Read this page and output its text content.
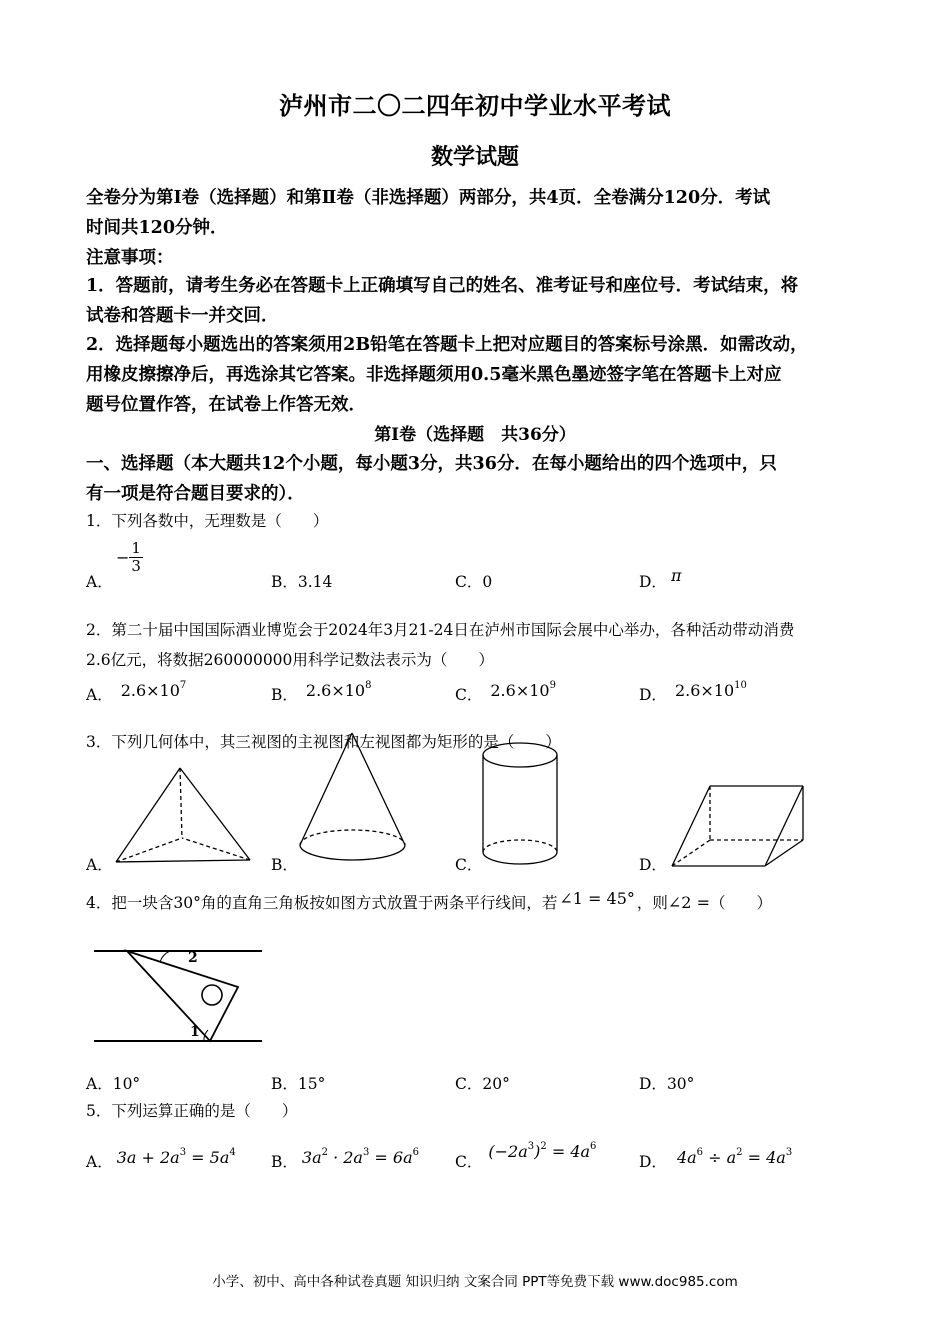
泸州市二〇二四年初中学业水平考试
数学试题
全卷分为第Ⅰ卷（选择题）和第Ⅱ卷（非选择题）两部分，共4页．全卷满分120分．考试
时间共120分钟．
注意事项：
1．答题前，请考生务必在答题卡上正确填写自己的姓名、准考证号和座位号．考试结束，将
试卷和答题卡一并交回．
2．选择题每小题选出的答案须用2B铅笔在答题卡上把对应题目的答案标号涂黑．如需改动，
用橡皮擦擦净后，再选涂其它答案。非选择题须用0.5毫米黑色墨迹签字笔在答题卡上对应
题号位置作答，在试卷上作答无效．
第Ⅰ卷（选择题　共36分）
一、选择题（本大题共12个小题，每小题3分，共36分．在每小题给出的四个选项中，只
有一项是符合题目要求的）．
1．下列各数中，无理数是（　　）
A．
− $\frac{1}{3}$
B．3.14	C．0	D． π
2．第二十届中国国际酒业博览会于2024年3月21-24日在泸州市国际会展中心举办，各种活动带动消费
2.6亿元，将数据260000000用科学记数法表示为（　　）
A． $2.6\times 10^7$
B． $2.6\times 10^8$
C． $2.6\times 10^9$
D． $2.6\times 10^{10}$
3．下列几何体中，其三视图的主视图和左视图都为矩形的是（　　）
A．	B．	C．	D．
4．把一块含30°角的直角三角板按如图方式放置于两条平行线间，若 ∠1 = 45° ，则∠2 =（　　）
2
1
A．10°	B．15°	C．20°	D．30°
5．下列运算正确的是（　　）
A． $3a + 2a^3 = 5a^4$
B． $3a^2 \cdot 2a^3 = 6a^6$
C．$(-2a^3)^2 = 4a^6$
D． $4a^6 \div a^2 = 4a^3$
小学、初中、高中各种试卷真题 知识归纳 文案合同 PPT等免费下载 www.doc985.com
